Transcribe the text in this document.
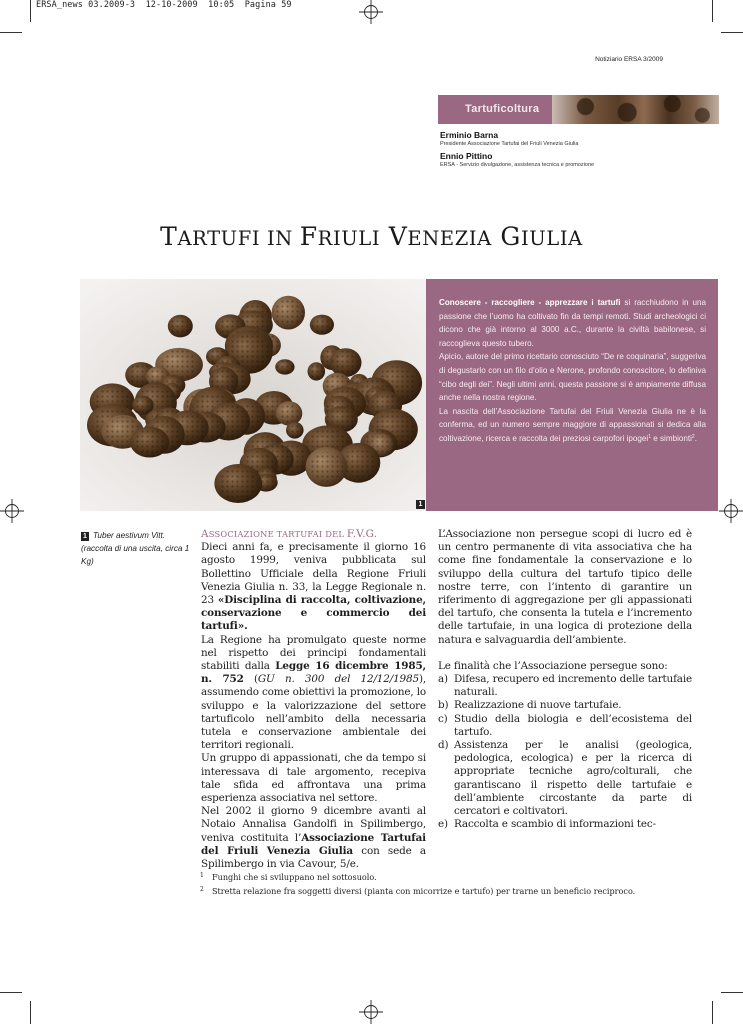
ERSA_news 03.2009-3  12-10-2009  10:05  Pagina 59
Notiziario ERSA 3/2009
Tartuficoltura
Erminio Barna
Presidente Associazione Tartufai del Friuli Venezia Giulia
Ennio Pittino
ERSA - Servizio divulgazione, assistenza tecnica e promozione
TARTUFI IN FRIULI VENEZIA GIULIA
1

Conoscere - raccogliere - apprezzare i tartufi si racchiudono in una passione che l’uomo ha coltivato fin da tempi remoti. Studi archeologici ci dicono che già intorno al 3000 a.C., durante la civiltà babilonese, si raccoglieva questo tubero.

Apicio, autore del primo ricettario conosciuto “De re coquinaria”, suggeriva di degustarlo con un filo d’olio e Nerone, profondo conoscitore, lo definiva “cibo degli dei”. Negli ultimi anni, questa passione si è ampiamente diffusa anche nella nostra regione.

La nascita dell’Associazione Tartufai del Friuli Venezia Giulia ne è la conferma, ed un numero sempre maggiore di appassionati si dedica alla coltivazione, ricerca e raccolta dei preziosi carpofori ipogei$^1$ e simbionti$^2$.

1 Tuber aestivum Vitt. (raccolta di una uscita, circa 1 Kg)
ASSOCIAZIONE TARTUFAI DEL F.V.G.

Dieci anni fa, e precisamente il giorno 16 agosto 1999, veniva pubblicata sul Bollettino Ufficiale della Regione Friuli Venezia Giulia n. 33, la Legge Regionale n. 23 «Disciplina di raccolta, coltivazione, conservazione e commercio dei tartufi».

La Regione ha promulgato queste norme nel rispetto dei principi fondamentali stabiliti dalla Legge 16 dicembre 1985, n. 752 (GU n. 300 del 12/12/1985), assumendo come obiettivi la promozione, lo sviluppo e la valorizzazione del settore tartuficolo nell’ambito della necessaria tutela e conservazione ambientale dei territori regionali.

Un gruppo di appassionati, che da tempo si interessava di tale argomento, recepiva tale sfida ed affrontava una prima esperienza associativa nel settore.

Nel 2002 il giorno 9 dicembre avanti al Notaio Annalisa Gandolfi in Spilimbergo, veniva costituita l’Associazione Tartufai del Friuli Venezia Giulia con sede a Spilimbergo in via Cavour, 5/e.

L’Associazione non persegue scopi di lucro ed è un centro permanente di vita associativa che ha come fine fondamentale la conservazione e lo sviluppo della cultura del tartufo tipico delle nostre terre, con l’intento di garantire un riferimento di aggregazione per gli appassionati del tartufo, che consenta la tutela e l’incremento delle tartufaie, in una logica di protezione della natura e salvaguardia dell’ambiente.

Le finalità che l’Associazione persegue sono:

a) Difesa, recupero ed incremento delle tartufaie naturali.
b) Realizzazione di nuove tartufaie.
c) Studio della biologia e dell’ecosistema del tartufo.
d) Assistenza per le analisi (geologica, pedologica, ecologica) e per la ricerca di appropriate tecniche agro/colturali, che garantiscano il rispetto delle tartufaie e dell’ambiente circostante da parte di cercatori e coltivatori.
e) Raccolta e scambio di informazioni tec-
1 Funghi che si sviluppano nel sottosuolo.
2 Stretta relazione fra soggetti diversi (pianta con micorrize e tartufo) per trarne un beneficio reciproco.
